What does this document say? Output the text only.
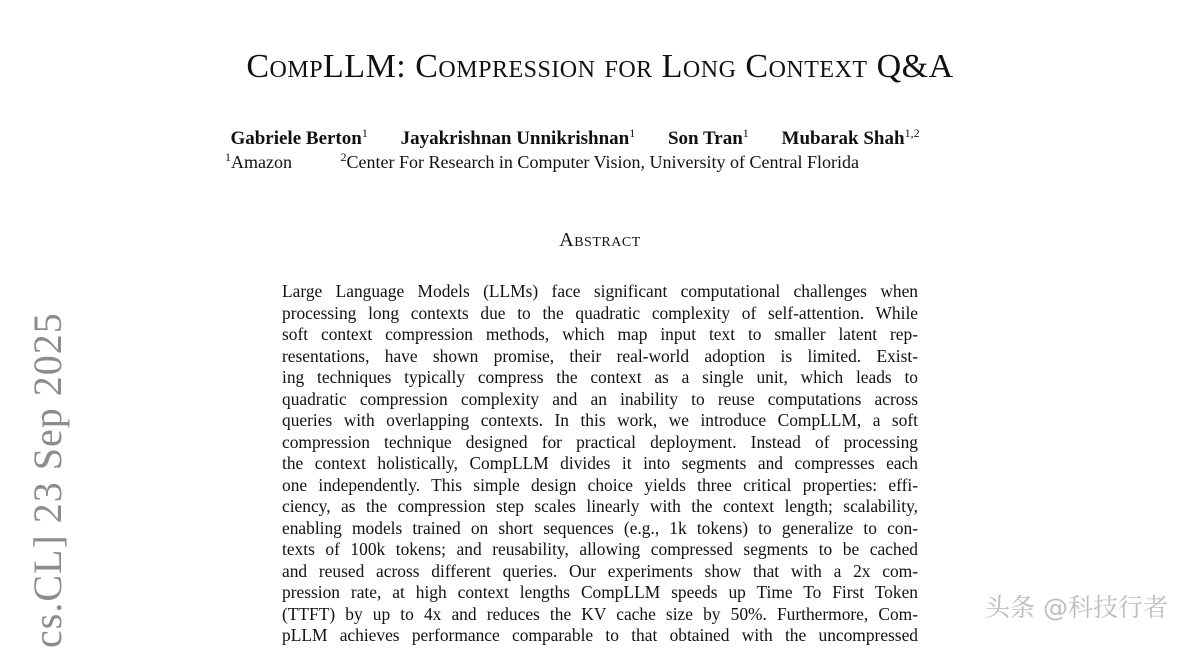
cs.CL] 23 Sep 2025
CompLLM: Compression for Long Context Q&A
Gabriele Berton$^1$ Jayakrishnan Unnikrishnan$^1$ Son Tran$^1$ Mubarak Shah$^{1,2}$
$^1$Amazon	$^2$Center For Research in Computer Vision, University of Central Florida
Abstract
Large Language Models (LLMs) face significant computational challenges when
processing long contexts due to the quadratic complexity of self-attention. While
soft context compression methods, which map input text to smaller latent rep-
resentations, have shown promise, their real-world adoption is limited. Exist-
ing techniques typically compress the context as a single unit, which leads to
quadratic compression complexity and an inability to reuse computations across
queries with overlapping contexts. In this work, we introduce CompLLM, a soft
compression technique designed for practical deployment. Instead of processing
the context holistically, CompLLM divides it into segments and compresses each
one independently. This simple design choice yields three critical properties: effi-
ciency, as the compression step scales linearly with the context length; scalability,
enabling models trained on short sequences (e.g., 1k tokens) to generalize to con-
texts of 100k tokens; and reusability, allowing compressed segments to be cached
and reused across different queries. Our experiments show that with a 2x com-
pression rate, at high context lengths CompLLM speeds up Time To First Token
(TTFT) by up to 4x and reduces the KV cache size by 50%. Furthermore, Com-
pLLM achieves performance comparable to that obtained with the uncompressed
头条 @科技行者
